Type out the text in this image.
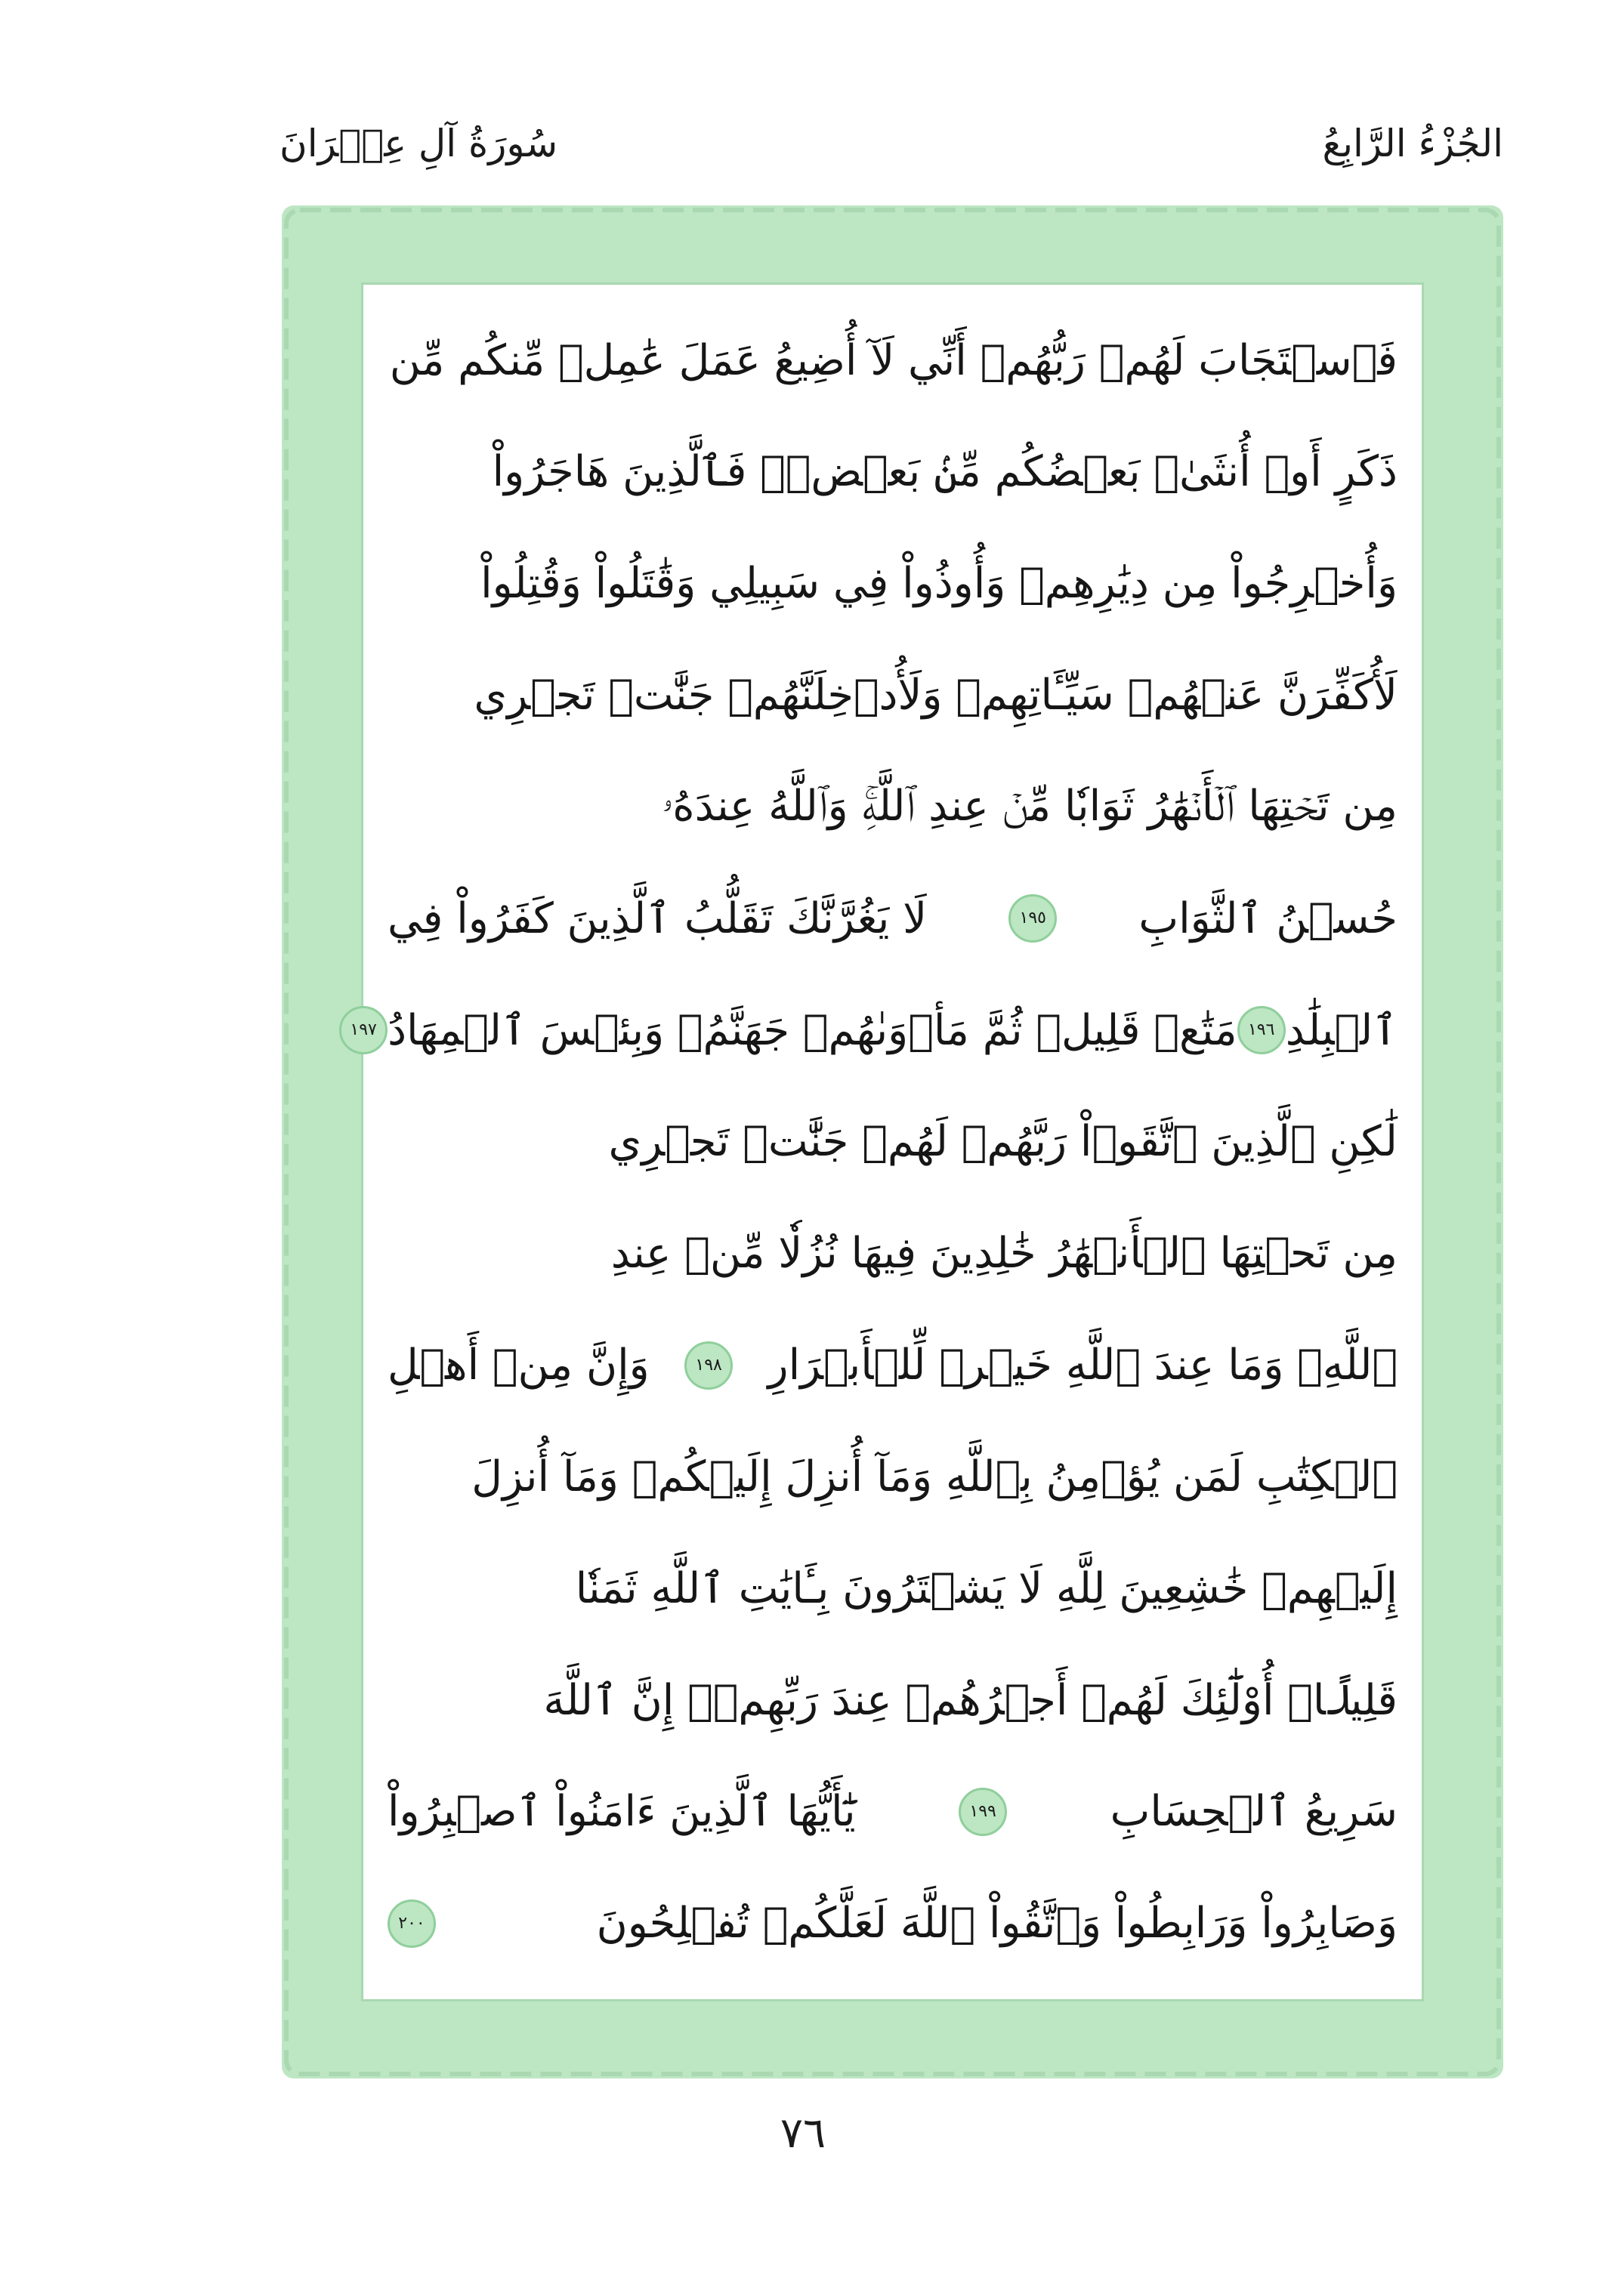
الجُزْءُ الرَّابِعُ
سُورَةُ آلِ عِمۡرَانَ
فَٱسۡتَجَابَ لَهُمۡ رَبُّهُمۡ أَنِّي لَآ أُضِيعُ عَمَلَ عَٰمِلٖ مِّنكُم مِّن
ذَكَرٍ أَوۡ أُنثَىٰۖ بَعۡضُكُم مِّنۢ بَعۡضٖۖ فَٱلَّذِينَ هَاجَرُواْ
وَأُخۡرِجُواْ مِن دِيَٰرِهِمۡ وَأُوذُواْ فِي سَبِيلِي وَقَٰتَلُواْ وَقُتِلُواْ
لَأُكَفِّرَنَّ عَنۡهُمۡ سَيِّـَٔاتِهِمۡ وَلَأُدۡخِلَنَّهُمۡ جَنَّٰتٖ تَجۡرِي
مِن تَحۡتِهَا ٱلۡأَنۡهَٰرُ ثَوَابٗا مِّنۡ عِندِ ٱللَّهِۚ وَٱللَّهُ عِندَهُۥ
حُسۡنُ ٱلثَّوَابِ
١٩٥
لَا يَغُرَّنَّكَ تَقَلُّبُ ٱلَّذِينَ كَفَرُواْ فِي
ٱلۡبِلَٰدِ
١٩٦
مَتَٰعٞ قَلِيلٞ ثُمَّ مَأۡوَىٰهُمۡ جَهَنَّمُۖ وَبِئۡسَ ٱلۡمِهَادُ
١٩٧
لَٰكِنِ ٱلَّذِينَ ٱتَّقَوۡاْ رَبَّهُمۡ لَهُمۡ جَنَّٰتٞ تَجۡرِي
مِن تَحۡتِهَا ٱلۡأَنۡهَٰرُ خَٰلِدِينَ فِيهَا نُزُلٗا مِّنۡ عِندِ
ٱللَّهِۗ وَمَا عِندَ ٱللَّهِ خَيۡرٞ لِّلۡأَبۡرَارِ
١٩٨
وَإِنَّ مِنۡ أَهۡلِ
ٱلۡكِتَٰبِ لَمَن يُؤۡمِنُ بِٱللَّهِ وَمَآ أُنزِلَ إِلَيۡكُمۡ وَمَآ أُنزِلَ
إِلَيۡهِمۡ خَٰشِعِينَ لِلَّهِ لَا يَشۡتَرُونَ بِـَٔايَٰتِ ٱللَّهِ ثَمَنٗا
قَلِيلًاۚ أُوْلَٰٓئِكَ لَهُمۡ أَجۡرُهُمۡ عِندَ رَبِّهِمۡۗ إِنَّ ٱللَّهَ
سَرِيعُ ٱلۡحِسَابِ
١٩٩
يَٰٓأَيُّهَا ٱلَّذِينَ ءَامَنُواْ ٱصۡبِرُواْ
وَصَابِرُواْ وَرَابِطُواْ وَٱتَّقُواْ ٱللَّهَ لَعَلَّكُمۡ تُفۡلِحُونَ
٢٠٠
٧٦
